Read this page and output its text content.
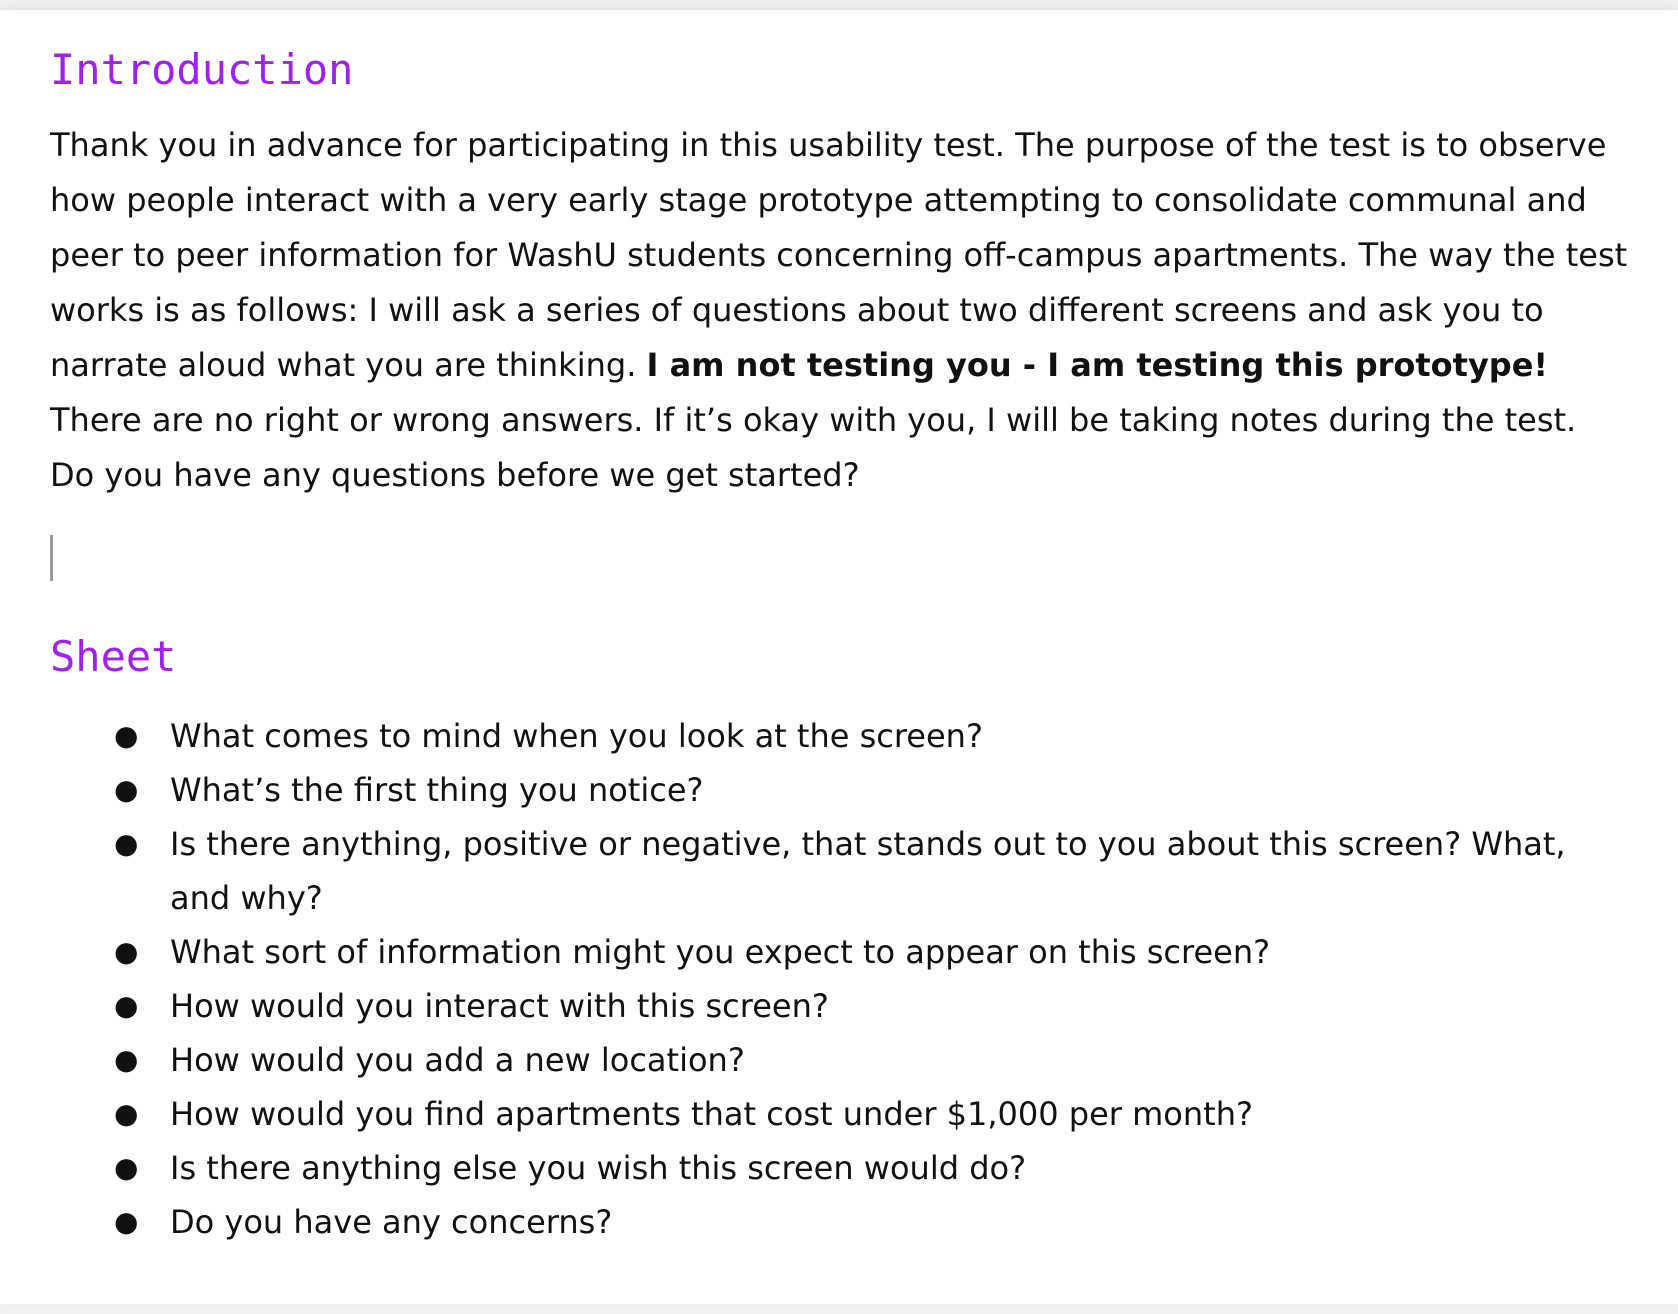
Introduction

Thank you in advance for participating in this usability test. The purpose of the test is to observe how people interact with a very early stage prototype attempting to consolidate communal and peer to peer information for WashU students concerning off-campus apartments. The way the test works is as follows: I will ask a series of questions about two different screens and ask you to narrate aloud what you are thinking. I am not testing you - I am testing this prototype! There are no right or wrong answers. If it’s okay with you, I will be taking notes during the test. Do you have any questions before we get started?

Sheet
● What comes to mind when you look at the screen?
● What’s the first thing you notice?
● Is there anything, positive or negative, that stands out to you about this screen? What, and why?
● What sort of information might you expect to appear on this screen?
● How would you interact with this screen?
● How would you add a new location?
● How would you find apartments that cost under $1,000 per month?
● Is there anything else you wish this screen would do?
● Do you have any concerns?
